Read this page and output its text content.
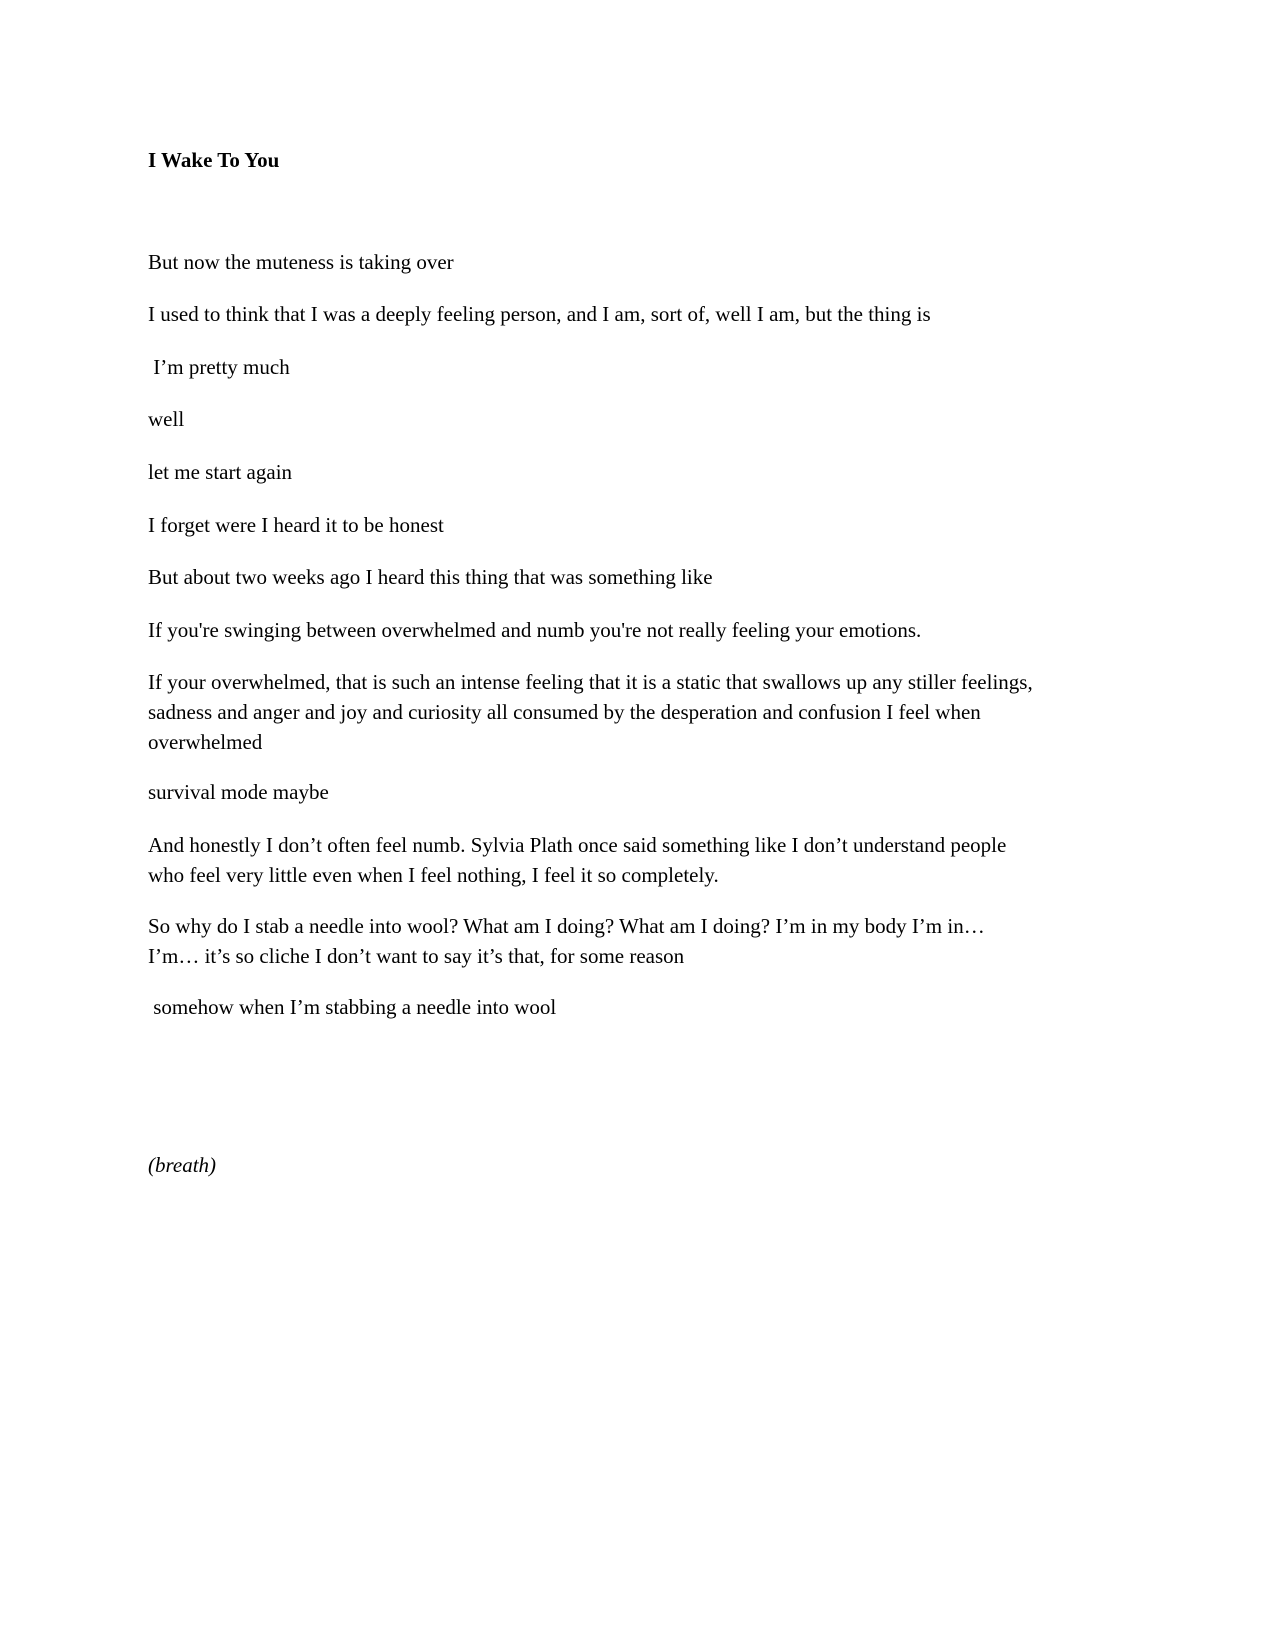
I Wake To You

But now the muteness is taking over

I used to think that I was a deeply feeling person, and I am, sort of, well I am, but the thing is

I’m pretty much

well

let me start again

I forget were I heard it to be honest

But about two weeks ago I heard this thing that was something like

If you're swinging between overwhelmed and numb you're not really feeling your emotions.

If your overwhelmed, that is such an intense feeling that it is a static that swallows up any stiller feelings,
sadness and anger and joy and curiosity all consumed by the desperation and confusion I feel when
overwhelmed

survival mode maybe

And honestly I don’t often feel numb. Sylvia Plath once said something like I don’t understand people
who feel very little even when I feel nothing, I feel it so completely.

So why do I stab a needle into wool? What am I doing? What am I doing? I’m in my body I’m in…
I’m… it’s so cliche I don’t want to say it’s that, for some reason

somehow when I’m stabbing a needle into wool

(breath)
